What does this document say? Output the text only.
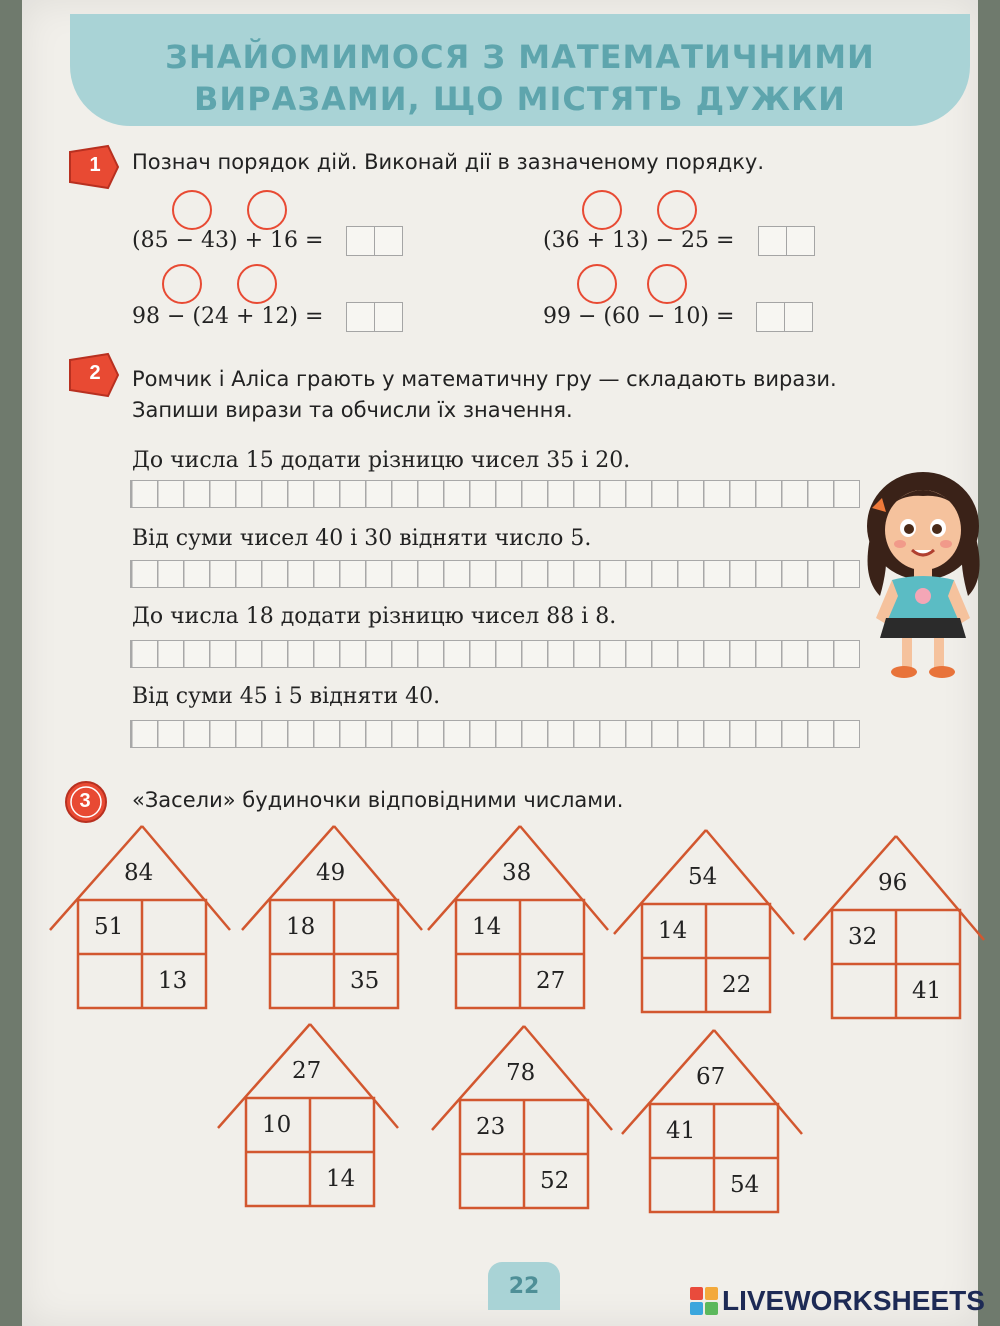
ЗНАЙОМИМОСЯ З МАТЕМАТИЧНИМИ
ВИРАЗАМИ, ЩО МІСТЯТЬ ДУЖКИ
1 Познач порядок дій. Виконай дії в зазначеному порядку.
(85 − 43) + 16 =	(36 + 13) − 25 =
98 − (24 + 12) =	99 − (60 − 10) =
2 Ромчик і Аліса грають у математичну гру — складають вирази.
Запиши вирази та обчисли їх значення.
До числа 15 додати різницю чисел 35 і 20.
Від суми чисел 40 і 30 відняти число 5.
До числа 18 додати різницю чисел 88 і 8.
Від суми 45 і 5 відняти 40.
3 «Засели» будиночки відповідними числами.
84
51
13
49
18
35
38
14
27
54
14
22
96
32
41
27
10
14
78
23
52
67
41
54
22	LIVEWORKSHEETS
